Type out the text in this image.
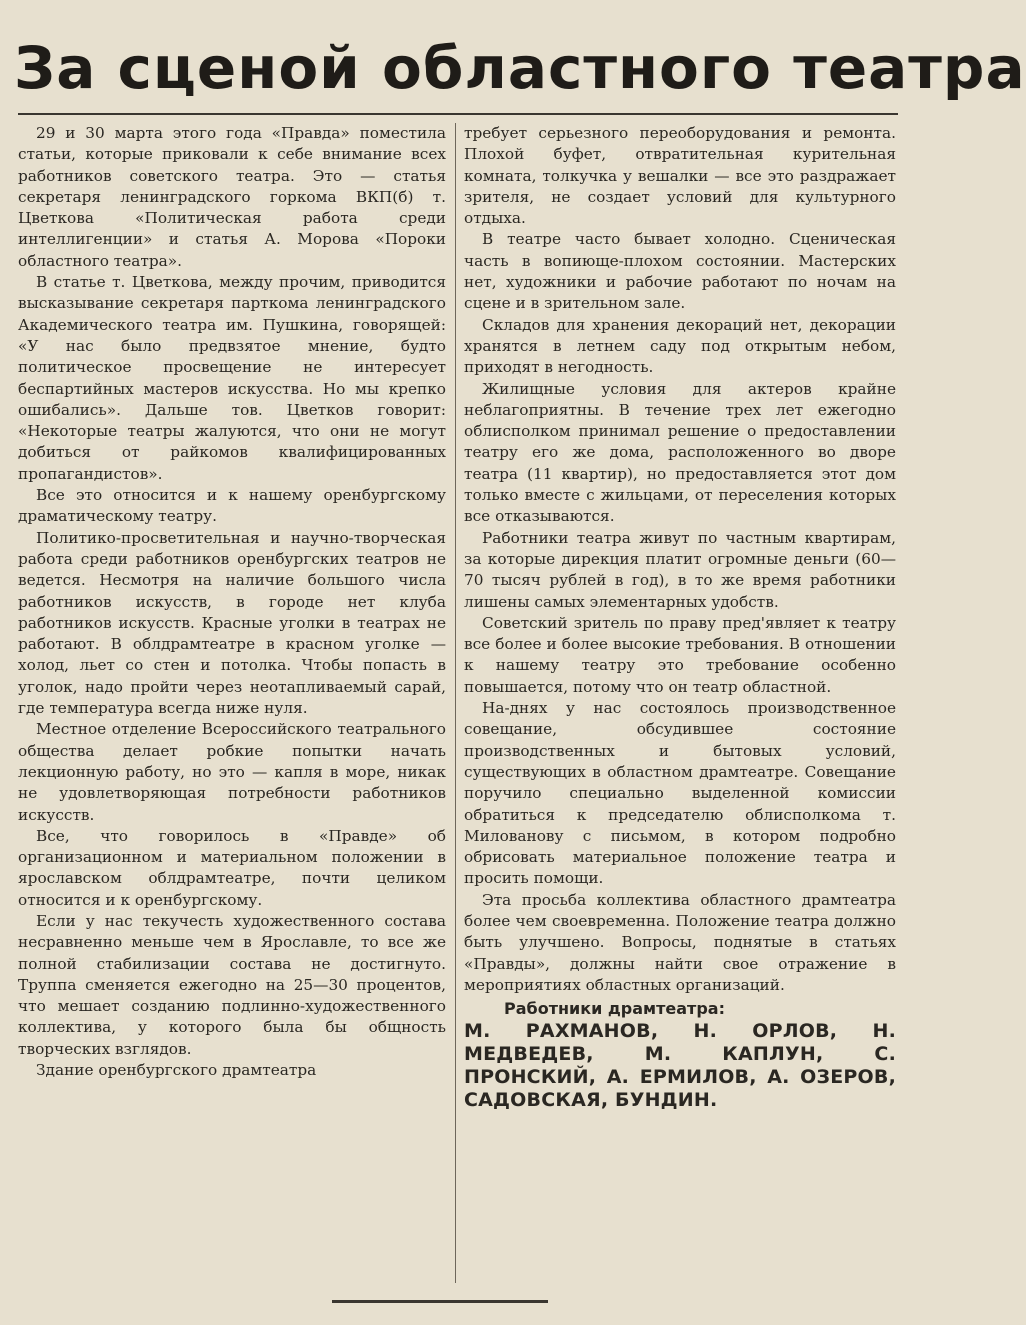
За сценой областного театра

29 и 30 марта этого года «Правда» поместила статьи, которые приковали к себе внимание всех работников советского театра. Это — статья секретаря ленинградского горкома ВКП(б) т. Цветкова «Политическая работа среди интеллигенции» и статья А. Морова «Пороки областного театра».

В статье т. Цветкова, между прочим, приводится высказывание секретаря парткома ленинградского Академического театра им. Пушкина, говорящей: «У нас было предвзятое мнение, будто политическое просвещение не интересует беспартийных мастеров искусства. Но мы крепко ошибались». Дальше тов. Цветков говорит: «Некоторые театры жалуются, что они не могут добиться от райкомов квалифицированных пропагандистов».

Все это относится и к нашему оренбургскому драматическому театру.

Политико-просветительная и научно-творческая работа среди работников оренбургских театров не ведется. Несмотря на наличие большого числа работников искусств, в городе нет клуба работников искусств. Красные уголки в театрах не работают. В облдрамтеатре в красном уголке — холод, льет со стен и потолка. Чтобы попасть в уголок, надо пройти через неотапливаемый сарай, где температура всегда ниже нуля.

Местное отделение Всероссийского театрального общества делает робкие попытки начать лекционную работу, но это — капля в море, никак не удовлетворяющая потребности работников искусств.

Все, что говорилось в «Правде» об организационном и материальном положении в ярославском облдрамтеатре, почти целиком относится и к оренбургскому.

Если у нас текучесть художественного состава несравненно меньше чем в Ярославле, то все же полной стабилизации состава не достигнуто. Труппа сменяется ежегодно на 25—30 процентов, что мешает созданию подлинно-художественного коллектива, у которого была бы общность творческих взглядов.

Здание оренбургского драмтеатра

требует серьезного переоборудования и ремонта. Плохой буфет, отвратительная курительная комната, толкучка у вешалки — все это раздражает зрителя, не создает условий для культурного отдыха.

В театре часто бывает холодно. Сценическая часть в вопиюще-плохом состоянии. Мастерских нет, художники и рабочие работают по ночам на сцене и в зрительном зале.

Складов для хранения декораций нет, декорации хранятся в летнем саду под открытым небом, приходят в негодность.

Жилищные условия для актеров крайне неблагоприятны. В течение трех лет ежегодно облисполком принимал решение о предоставлении театру его же дома, расположенного во дворе театра (11 квартир), но предоставляется этот дом только вместе с жильцами, от переселения которых все отказываются.

Работники театра живут по частным квартирам, за которые дирекция платит огромные деньги (60—70 тысяч рублей в год), в то же время работники лишены самых элементарных удобств.

Советский зритель по праву пред'являет к театру все более и более высокие требования. В отношении к нашему театру это требование особенно повышается, потому что он театр областной.

На-днях у нас состоялось производственное совещание, обсудившее состояние производственных и бытовых условий, существующих в областном драмтеатре. Совещание поручило специально выделенной комиссии обратиться к председателю облисполкома т. Милованову с письмом, в котором подробно обрисовать материальное положение театра и просить помощи.

Эта просьба коллектива областного драмтеатра более чем своевременна. Положение театра должно быть улучшено. Вопросы, поднятые в статьях «Правды», должны найти свое отражение в мероприятиях областных организаций.

Работники драмтеатра:
М. РАХМАНОВ, Н. ОРЛОВ, Н. МЕДВЕДЕВ, М. КАПЛУН, С. ПРОНСКИЙ, А. ЕРМИЛОВ, А. ОЗЕРОВ, САДОВСКАЯ, БУНДИН.
